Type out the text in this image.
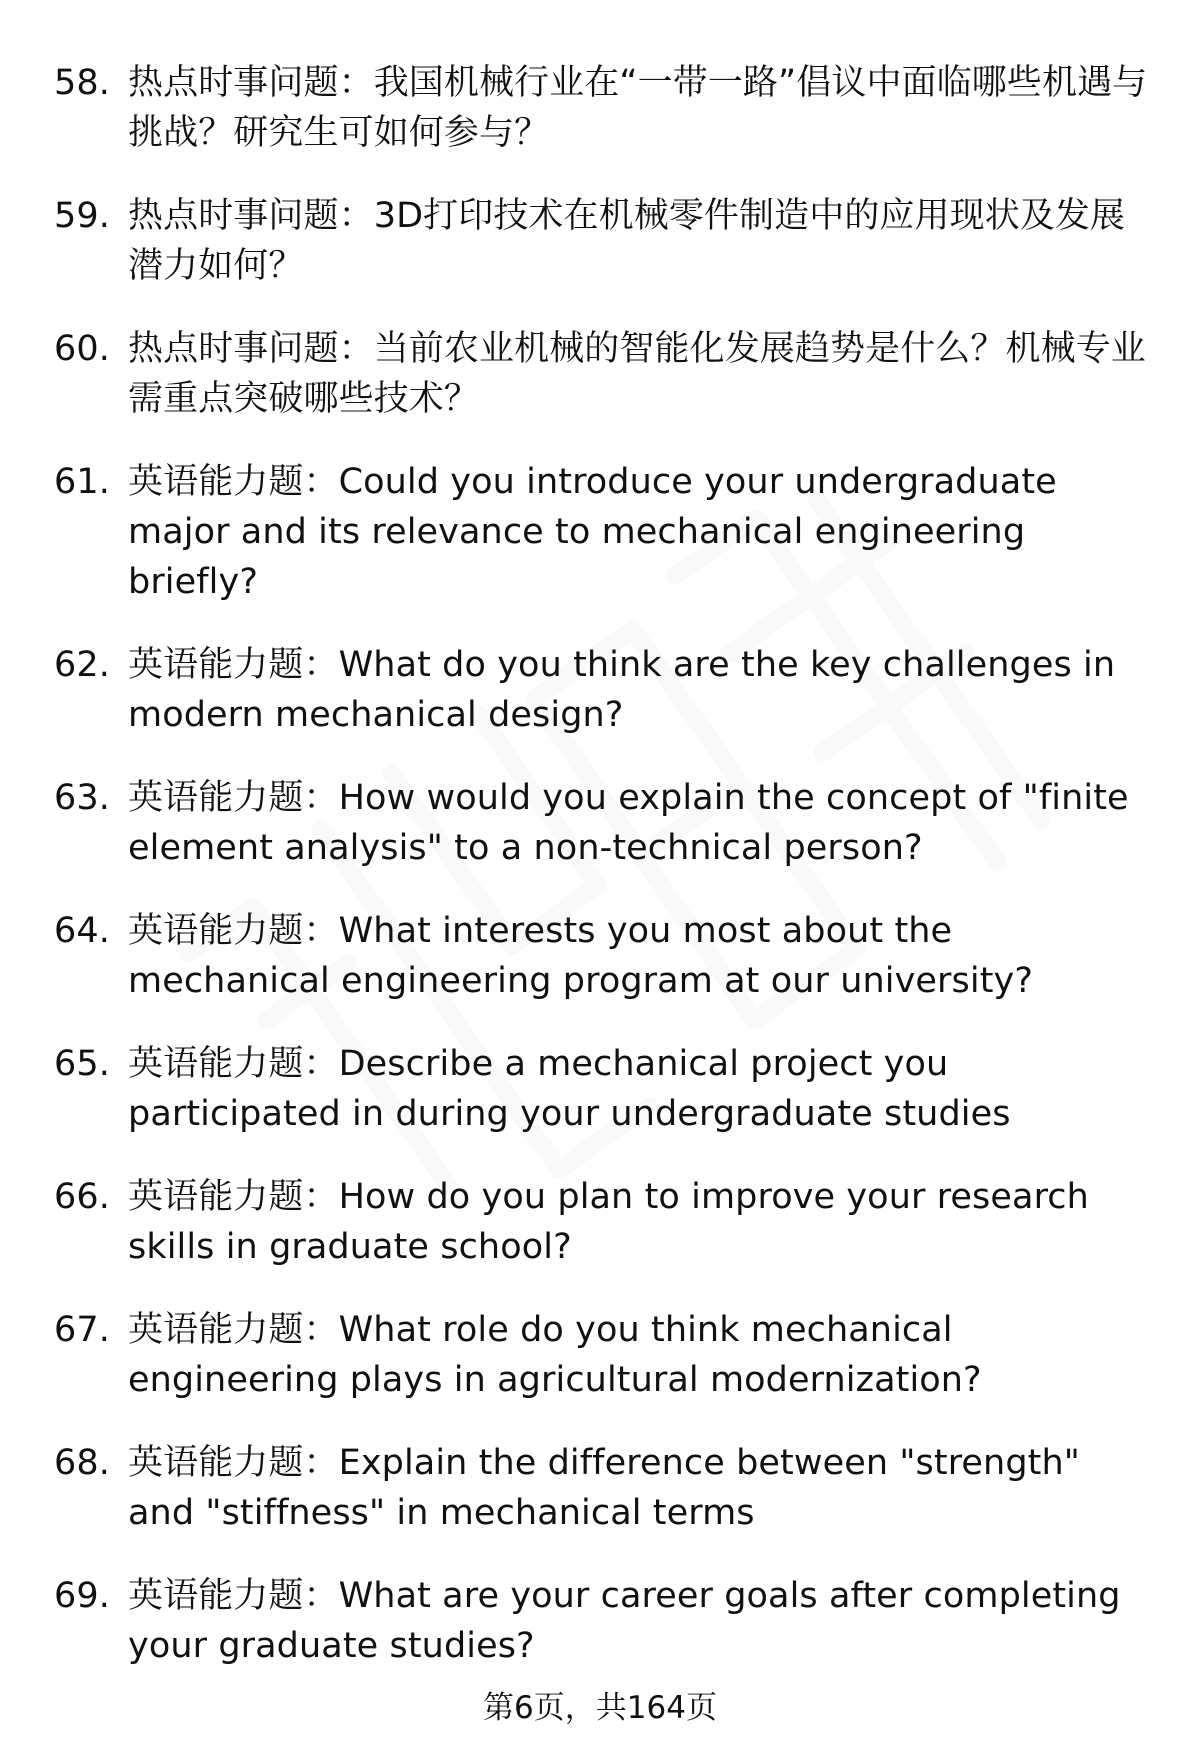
58. 热点时事问题：我国机械行业在“一带一路”倡议中面临哪些机遇与挑战？研究生可如何参与？
59. 热点时事问题：3D打印技术在机械零件制造中的应用现状及发展潜力如何？
60. 热点时事问题：当前农业机械的智能化发展趋势是什么？机械专业需重点突破哪些技术？
61. 英语能力题：Could you introduce your undergraduate major and its relevance to mechanical engineering briefly?
62. 英语能力题：What do you think are the key challenges in modern mechanical design?
63. 英语能力题：How would you explain the concept of "finite element analysis" to a non-technical person?
64. 英语能力题：What interests you most about the mechanical engineering program at our university?
65. 英语能力题：Describe a mechanical project you participated in during your undergraduate studies
66. 英语能力题：How do you plan to improve your research skills in graduate school?
67. 英语能力题：What role do you think mechanical engineering plays in agricultural modernization?
68. 英语能力题：Explain the difference between "strength" and "stiffness" in mechanical terms
69. 英语能力题：What are your career goals after completing your graduate studies?
第6页，共164页
